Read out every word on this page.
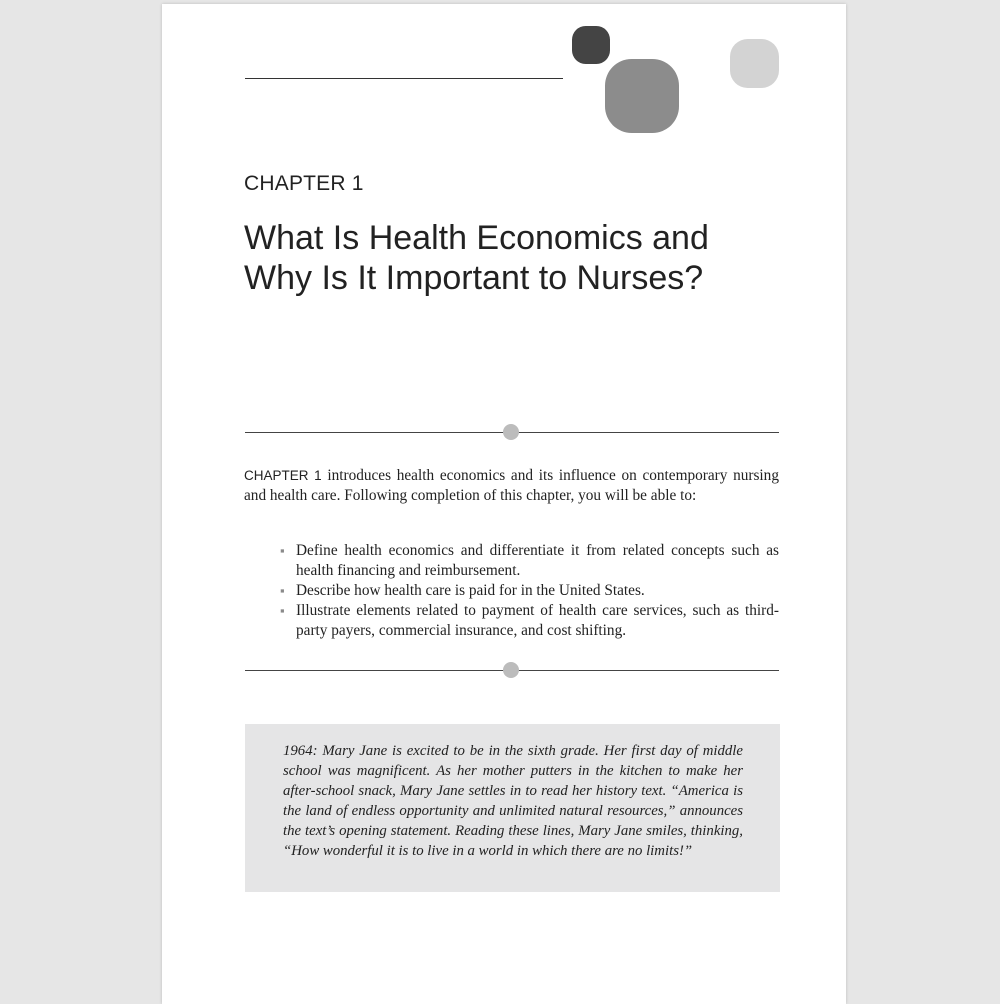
CHAPTER 1
What Is Health Economics and
Why Is It Important to Nurses?
CHAPTER 1 introduces health economics and its influence on contemporary nursing and health care. Following completion of this chapter, you will be able to:
▪ Define health economics and differentiate it from related concepts such as health financing and reimbursement.
▪ Describe how health care is paid for in the United States.
▪ Illustrate elements related to payment of health care services, such as third-party payers, commercial insurance, and cost shifting.

1964: Mary Jane is excited to be in the sixth grade. Her first day of middle school was magnificent. As her mother putters in the kitchen to make her after-school snack, Mary Jane settles in to read her history text. “America is the land of endless opportunity and unlimited natural resources,” announces the text’s opening statement. Reading these lines, Mary Jane smiles, thinking, “How wonderful it is to live in a world in which there are no limits!”
